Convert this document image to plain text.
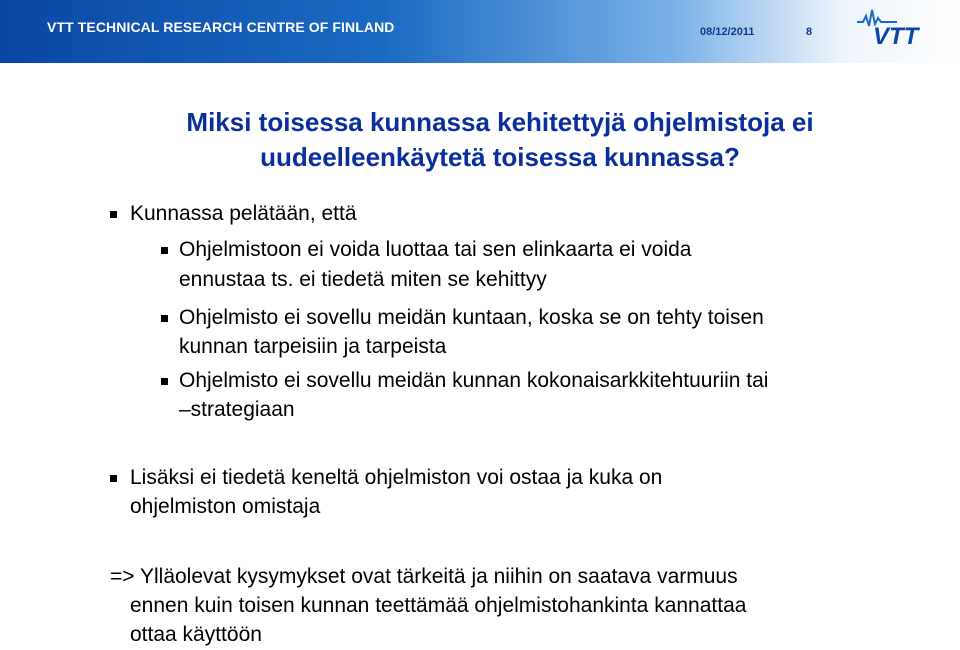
VTT TECHNICAL RESEARCH CENTRE OF FINLAND	08/12/2011	8	VTT
Miksi toisessa kunnassa kehitettyjä ohjelmistoja ei
uudeelleenkäytetä toisessa kunnassa?
Kunnassa pelätään, että
Ohjelmistoon ei voida luottaa tai sen elinkaarta ei voida
ennustaa ts. ei tiedetä miten se kehittyy
Ohjelmisto ei sovellu meidän kuntaan, koska se on tehty toisen
kunnan tarpeisiin ja tarpeista
Ohjelmisto ei sovellu meidän kunnan kokonaisarkkitehtuuriin tai
–strategiaan
Lisäksi ei tiedetä keneltä ohjelmiston voi ostaa ja kuka on
ohjelmiston omistaja
=> Ylläolevat kysymykset ovat tärkeitä ja niihin on saatava varmuus
ennen kuin toisen kunnan teettämää ohjelmistohankinta kannattaa
ottaa käyttöön
